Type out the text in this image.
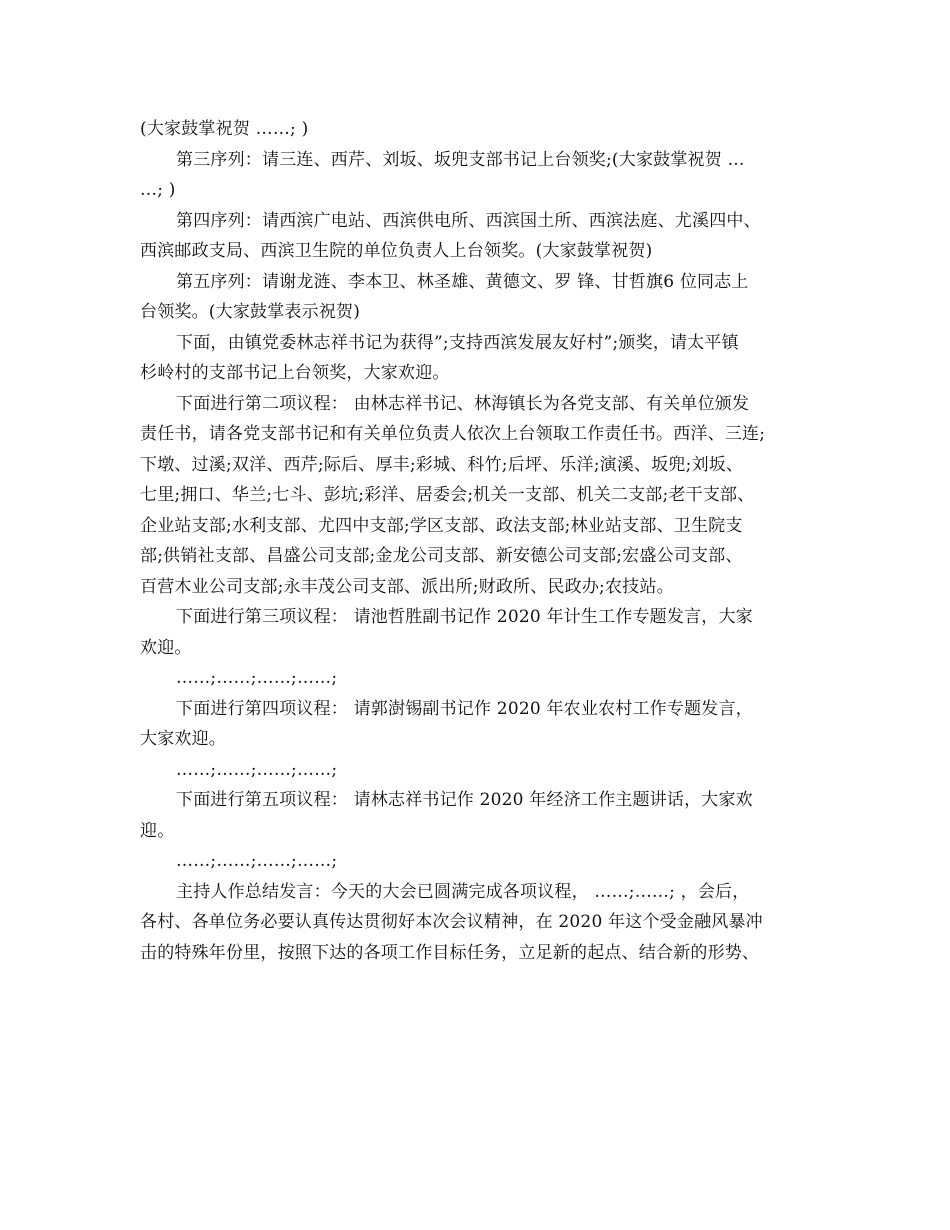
(大家鼓掌祝贺 ……; )
第三序列：请三连、西芹、刘坂、坂兜支部书记上台领奖;(大家鼓掌祝贺 …
…; )
第四序列：请西滨广电站、西滨供电所、西滨国土所、西滨法庭、尤溪四中、
西滨邮政支局、西滨卫生院的单位负责人上台领奖。(大家鼓掌祝贺)
第五序列：请谢龙涟、李本卫、林圣雄、黄德文、罗 锋、甘哲旗6 位同志上
台领奖。(大家鼓掌表示祝贺)
下面，由镇党委林志祥书记为获得”;支持西滨发展友好村”;颁奖，请太平镇
杉岭村的支部书记上台领奖，大家欢迎。
下面进行第二项议程： 由林志祥书记、林海镇长为各党支部、有关单位颁发
责任书，请各党支部书记和有关单位负责人依次上台领取工作责任书。西洋、三连;
下墩、过溪;双洋、西芹;际后、厚丰;彩城、科竹;后坪、乐洋;演溪、坂兜;刘坂、
七里;拥口、华兰;七斗、彭坑;彩洋、居委会;机关一支部、机关二支部;老干支部、
企业站支部;水利支部、尤四中支部;学区支部、政法支部;林业站支部、卫生院支
部;供销社支部、昌盛公司支部;金龙公司支部、新安德公司支部;宏盛公司支部、
百营木业公司支部;永丰茂公司支部、派出所;财政所、民政办;农技站。
下面进行第三项议程： 请池哲胜副书记作 2020 年计生工作专题发言，大家
欢迎。
……;……;……;……;
下面进行第四项议程： 请郭澍锡副书记作 2020 年农业农村工作专题发言，
大家欢迎。
……;……;……;……;
下面进行第五项议程： 请林志祥书记作 2020 年经济工作主题讲话，大家欢
迎。
……;……;……;……;
主持人作总结发言：今天的大会已圆满完成各项议程， ……;……; ，会后，
各村、各单位务必要认真传达贯彻好本次会议精神，在 2020 年这个受金融风暴冲
击的特殊年份里，按照下达的各项工作目标任务，立足新的起点、结合新的形势、
